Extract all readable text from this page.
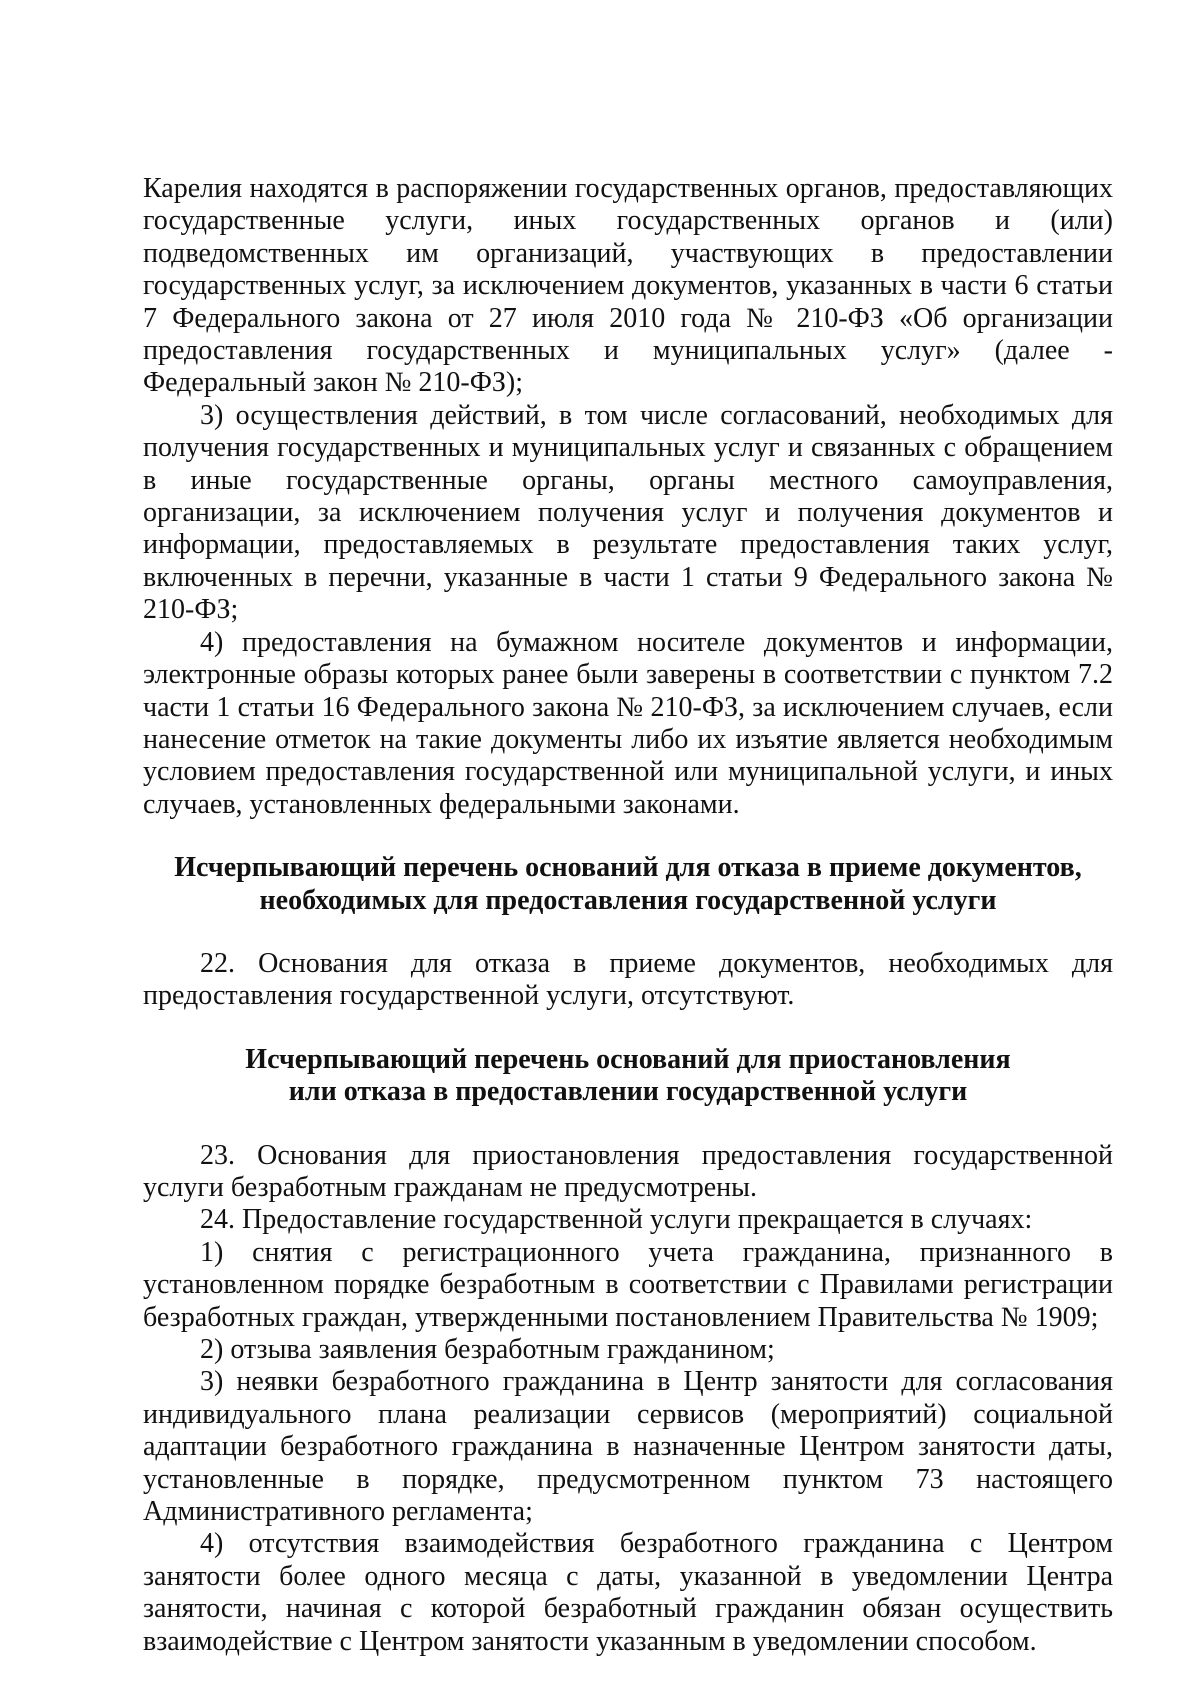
Карелия находятся в распоряжении государственных органов, предоставляющих государственные услуги, иных государственных органов и (или) подведомственных им организаций, участвующих в предоставлении государственных услуг, за исключением документов, указанных в части 6 статьи 7 Федерального закона от 27 июля 2010 года № 210-ФЗ «Об организации предоставления государственных и муниципальных услуг» (далее - Федеральный закон № 210-ФЗ);

3) осуществления действий, в том числе согласований, необходимых для получения государственных и муниципальных услуг и связанных с обращением в иные государственные органы, органы местного самоуправления, организации, за исключением получения услуг и получения документов и информации, предоставляемых в результате предоставления таких услуг, включенных в перечни, указанные в части 1 статьи 9 Федерального закона № 210-ФЗ;

4) предоставления на бумажном носителе документов и информации, электронные образы которых ранее были заверены в соответствии с пунктом 7.2 части 1 статьи 16 Федерального закона № 210-ФЗ, за исключением случаев, если нанесение отметок на такие документы либо их изъятие является необходимым условием предоставления государственной или муниципальной услуги, и иных случаев, установленных федеральными законами.

Исчерпывающий перечень оснований для отказа в приеме документов,
необходимых для предоставления государственной услуги

22. Основания для отказа в приеме документов, необходимых для предоставления государственной услуги, отсутствуют.

Исчерпывающий перечень оснований для приостановления
или отказа в предоставлении государственной услуги

23. Основания для приостановления предоставления государственной услуги безработным гражданам не предусмотрены.

24. Предоставление государственной услуги прекращается в случаях:

1) снятия с регистрационного учета гражданина, признанного в установленном порядке безработным в соответствии с Правилами регистрации безработных граждан, утвержденными постановлением Правительства № 1909;

2) отзыва заявления безработным гражданином;

3) неявки безработного гражданина в Центр занятости для согласования индивидуального плана реализации сервисов (мероприятий) социальной адаптации безработного гражданина в назначенные Центром занятости даты, установленные в порядке, предусмотренном пунктом 73 настоящего Административного регламента;

4) отсутствия взаимодействия безработного гражданина с Центром занятости более одного месяца с даты, указанной в уведомлении Центра занятости, начиная с которой безработный гражданин обязан осуществить взаимодействие с Центром занятости указанным в уведомлении способом.
